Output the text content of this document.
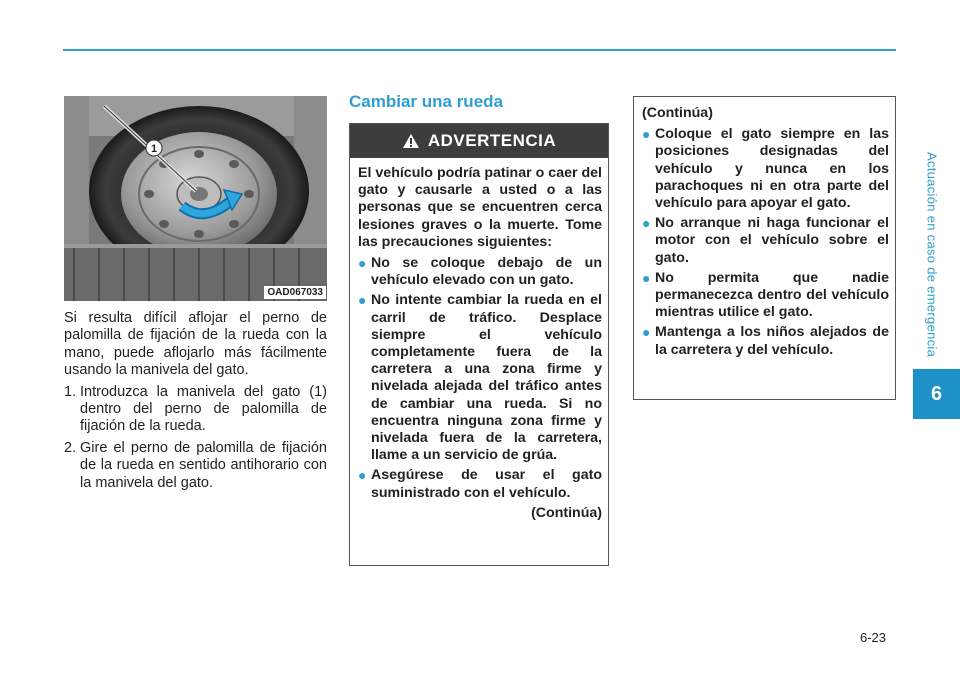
Actuación en caso de emergencia
6
1
OAD067033

Si resulta difícil aflojar el perno de palomilla de fijación de la rueda con la mano, puede aflojarlo más fácilmente usando la manivela del gato.

1. Introduzca la manivela del gato (1) dentro del perno de palomilla de fijación de la rueda.
2. Gire el perno de palomilla de fijación de la rueda en sentido antihorario con la manivela del gato.
Cambiar una rueda
ADVERTENCIA

El vehículo podría patinar o caer del gato y causarle a usted o a las personas que se encuentren cerca lesiones graves o la muerte. Tome las precauciones siguientes:

● No se coloque debajo de un vehículo elevado con un gato.
● No intente cambiar la rueda en el carril de tráfico. Desplace siempre el vehículo completamente fuera de la carretera a una zona firme y nivelada alejada del tráfico antes de cambiar una rueda. Si no encuentra ninguna zona firme y nivelada fuera de la carretera, llame a un servicio de grúa.
● Asegúrese de usar el gato suministrado con el vehículo.
(Continúa)

(Continúa)

● Coloque el gato siempre en las posiciones designadas del vehículo y nunca en los parachoques ni en otra parte del vehículo para apoyar el gato.
● No arranque ni haga funcionar el motor con el vehículo sobre el gato.
● No permita que nadie permanecezca dentro del vehículo mientras utilice el gato.
● Mantenga a los niños alejados de la carretera y del vehículo.
6-23
